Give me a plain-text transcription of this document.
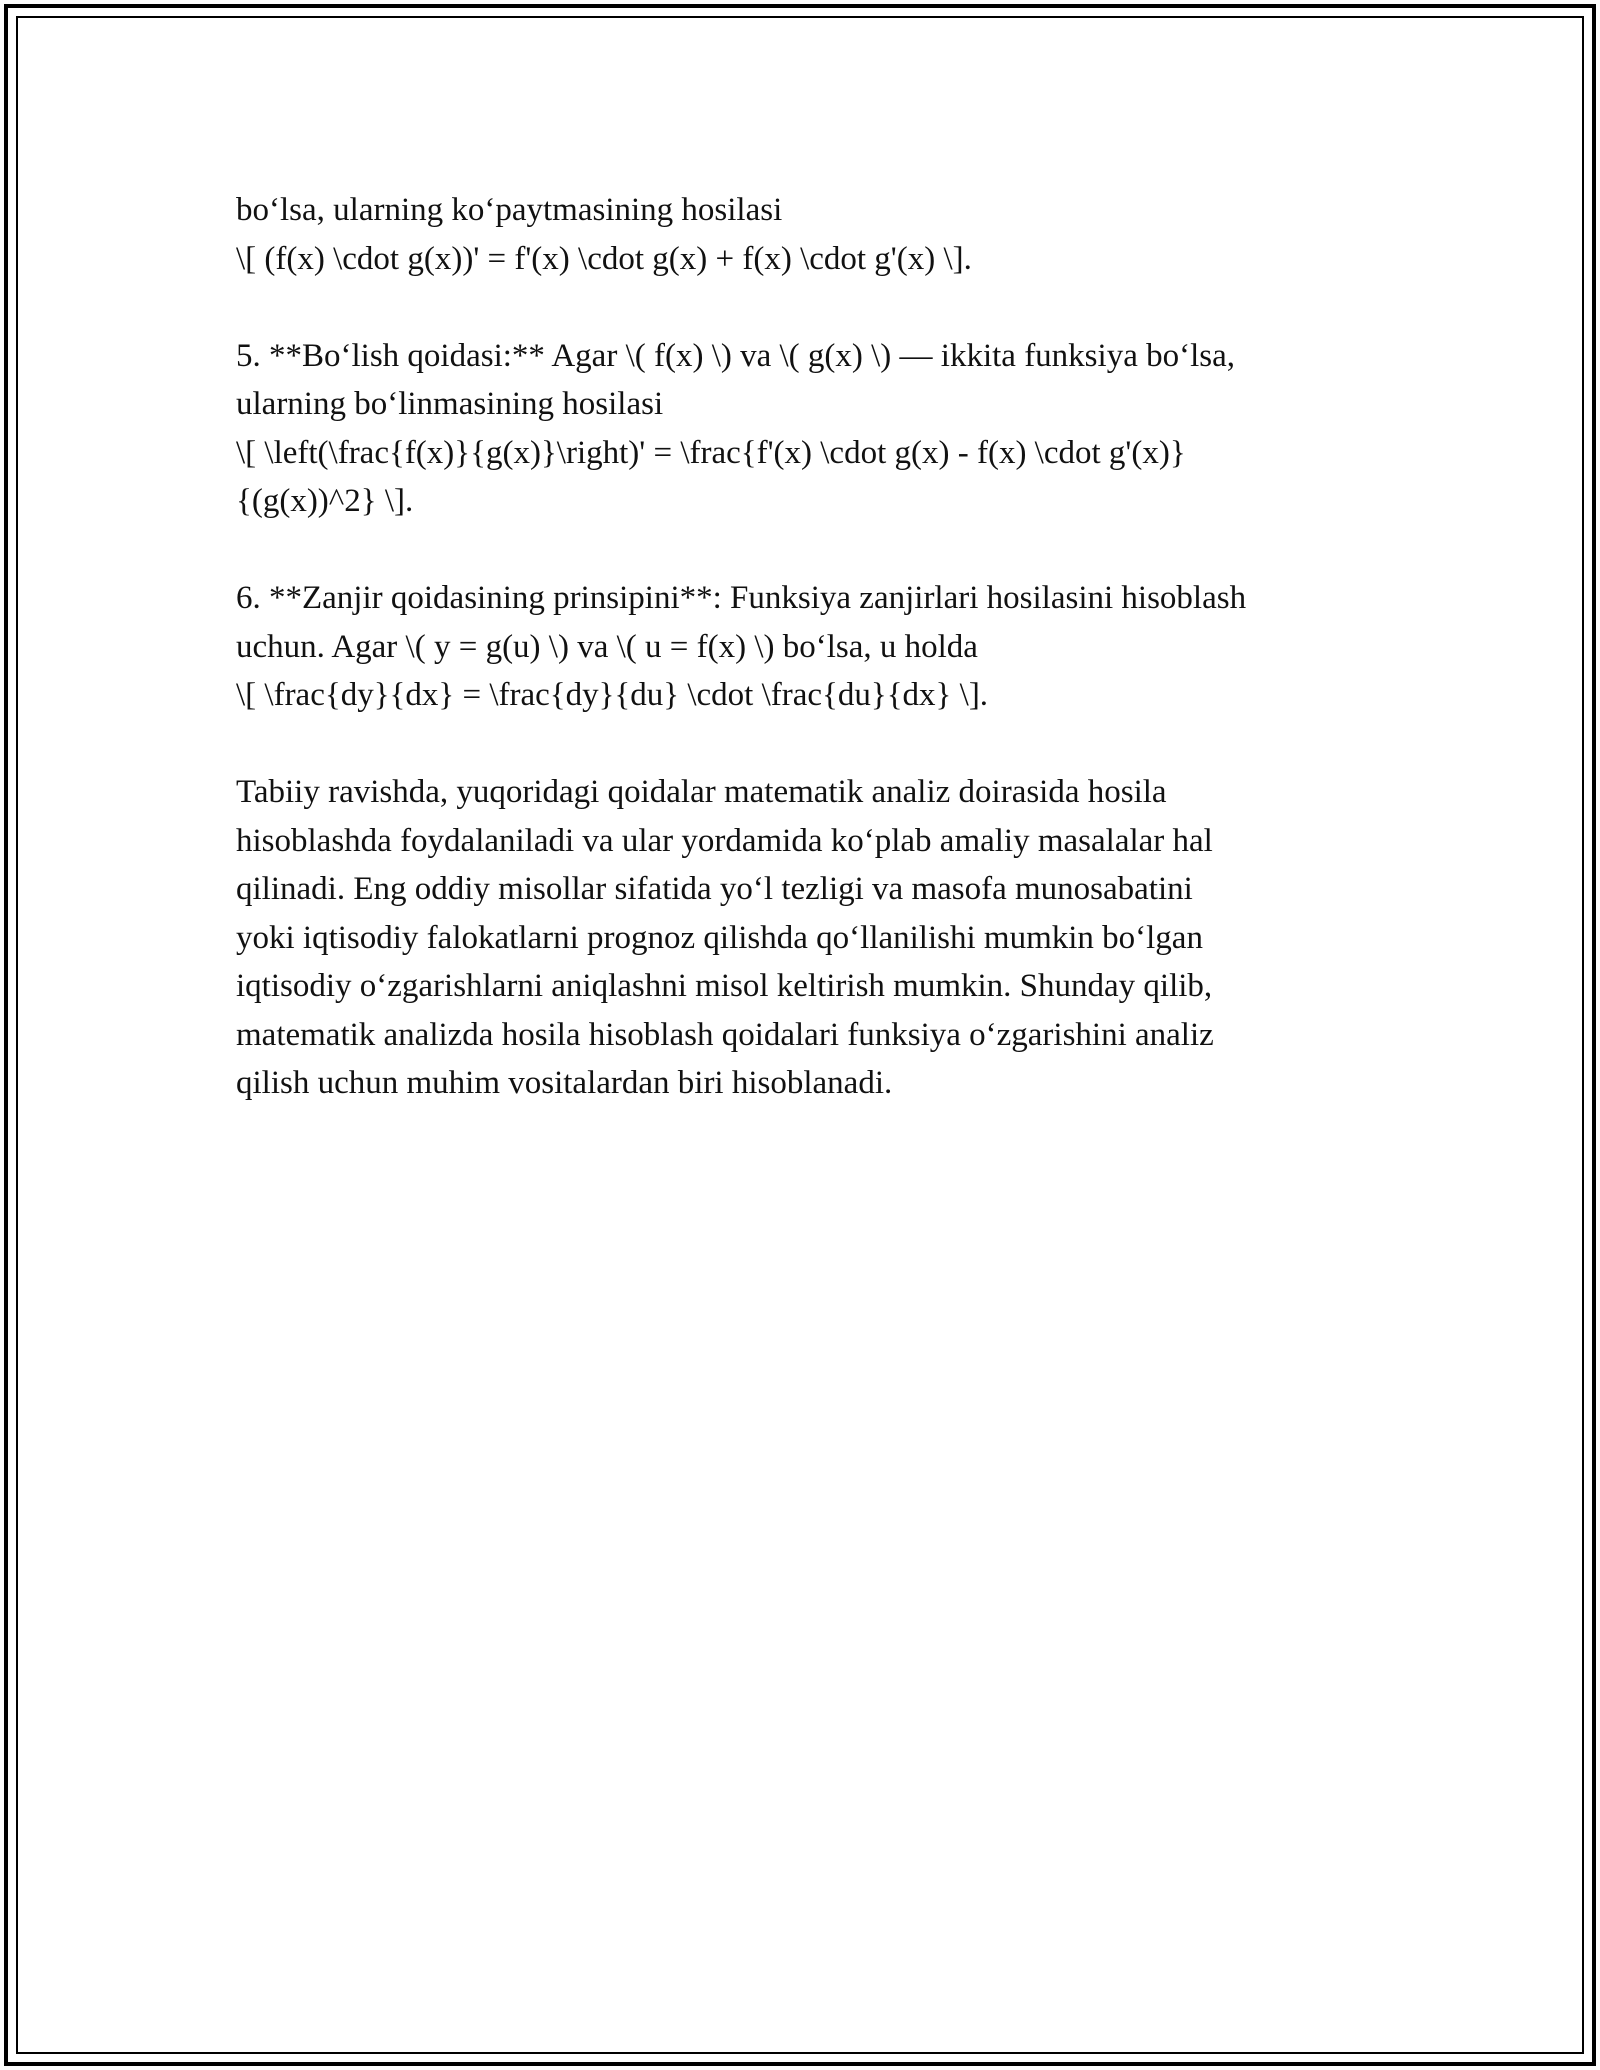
bo‘lsa, ularning ko‘paytmasining hosilasi
\[ (f(x) \cdot g(x))' = f'(x) \cdot g(x) + f(x) \cdot g'(x) \].

5. **Bo‘lish qoidasi:** Agar \( f(x) \) va \( g(x) \) — ikkita funksiya bo‘lsa,
ularning bo‘linmasining hosilasi
\[ \left(\frac{f(x)}{g(x)}\right)' = \frac{f'(x) \cdot g(x) - f(x) \cdot g'(x)}
{(g(x))^2} \].

6. **Zanjir qoidasining prinsipini**: Funksiya zanjirlari hosilasini hisoblash
uchun. Agar \( y = g(u) \) va \( u = f(x) \) bo‘lsa, u holda
\[ \frac{dy}{dx} = \frac{dy}{du} \cdot \frac{du}{dx} \].

Tabiiy ravishda, yuqoridagi qoidalar matematik analiz doirasida hosila
hisoblashda foydalaniladi va ular yordamida ko‘plab amaliy masalalar hal
qilinadi. Eng oddiy misollar sifatida yo‘l tezligi va masofa munosabatini
yoki iqtisodiy falokatlarni prognoz qilishda qo‘llanilishi mumkin bo‘lgan
iqtisodiy o‘zgarishlarni aniqlashni misol keltirish mumkin. Shunday qilib,
matematik analizda hosila hisoblash qoidalari funksiya o‘zgarishini analiz
qilish uchun muhim vositalardan biri hisoblanadi.
